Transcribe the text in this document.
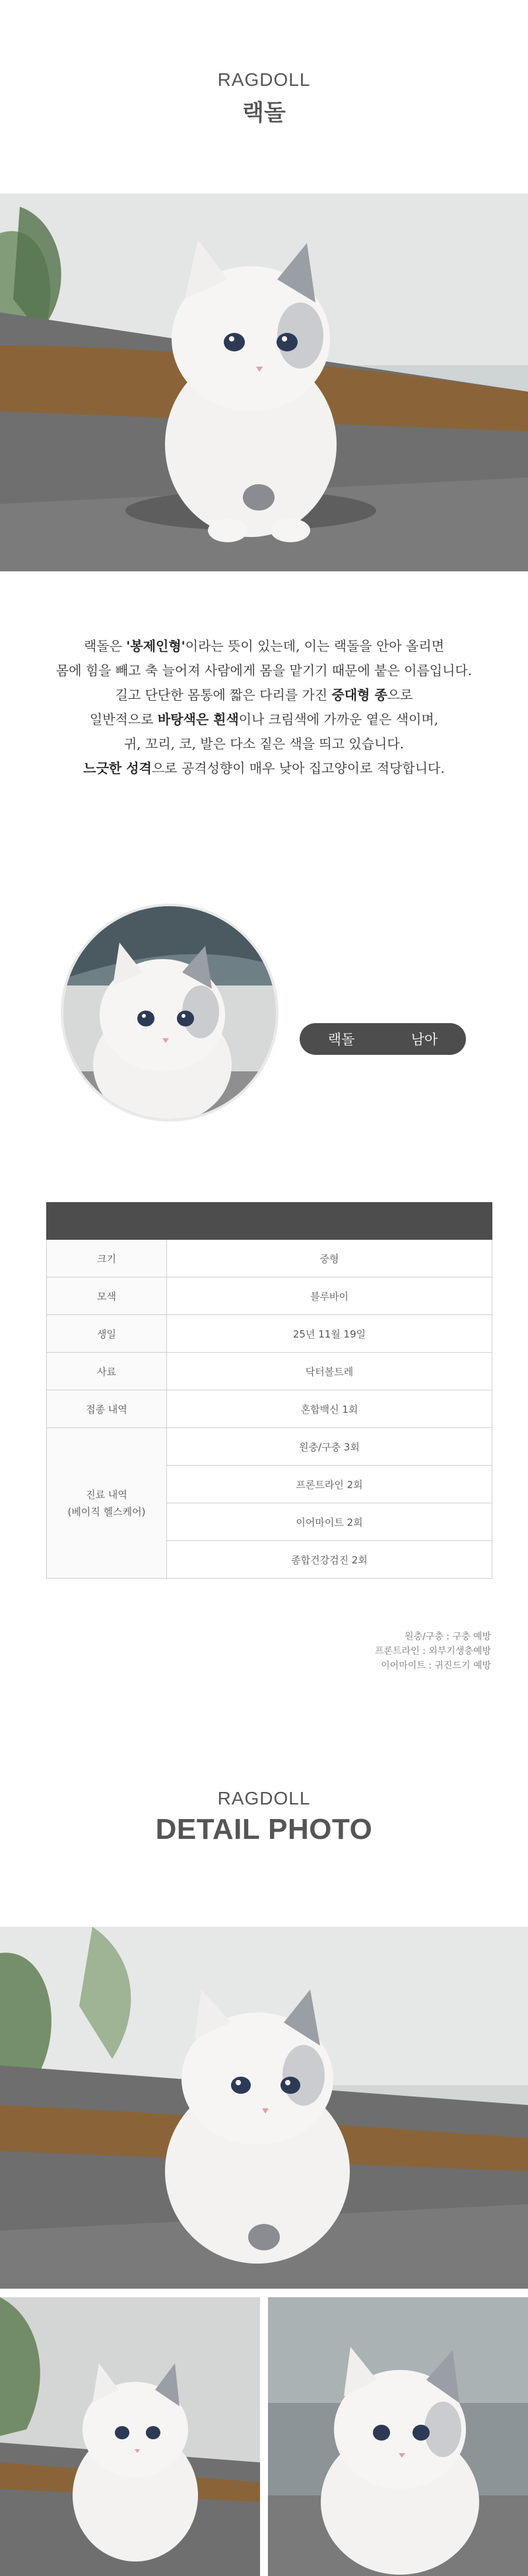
RAGDOLL
랙돌
랙돌은 '봉제인형'이라는 뜻이 있는데, 이는 랙돌을 안아 올리면
몸에 힘을 빼고 축 늘어져 사람에게 몸을 맡기기 때문에 붙은 이름입니다.
길고 단단한 몸통에 짧은 다리를 가진 중대형 종으로
일반적으로 바탕색은 흰색이나 크림색에 가까운 옅은 색이며,
귀, 꼬리, 코, 발은 다소 짙은 색을 띄고 있습니다.
느긋한 성격으로 공격성향이 매우 낮아 집고양이로 적당합니다.
랙돌	남아

크기	중형
모색	블루바이
생일	25년 11월 19일
사료	닥터볼트레
접종 내역	혼합백신 1회

진료 내역
(베이직 헬스케어)	원충/구충 3회
	프론트라인 2회
	이어마이트 2회
	종합건강검진 2회
원충/구충 : 구충 예방
프론트라인 : 외부기생충예방
이어마이트 : 귀진드기 예방
RAGDOLL
DETAIL PHOTO
